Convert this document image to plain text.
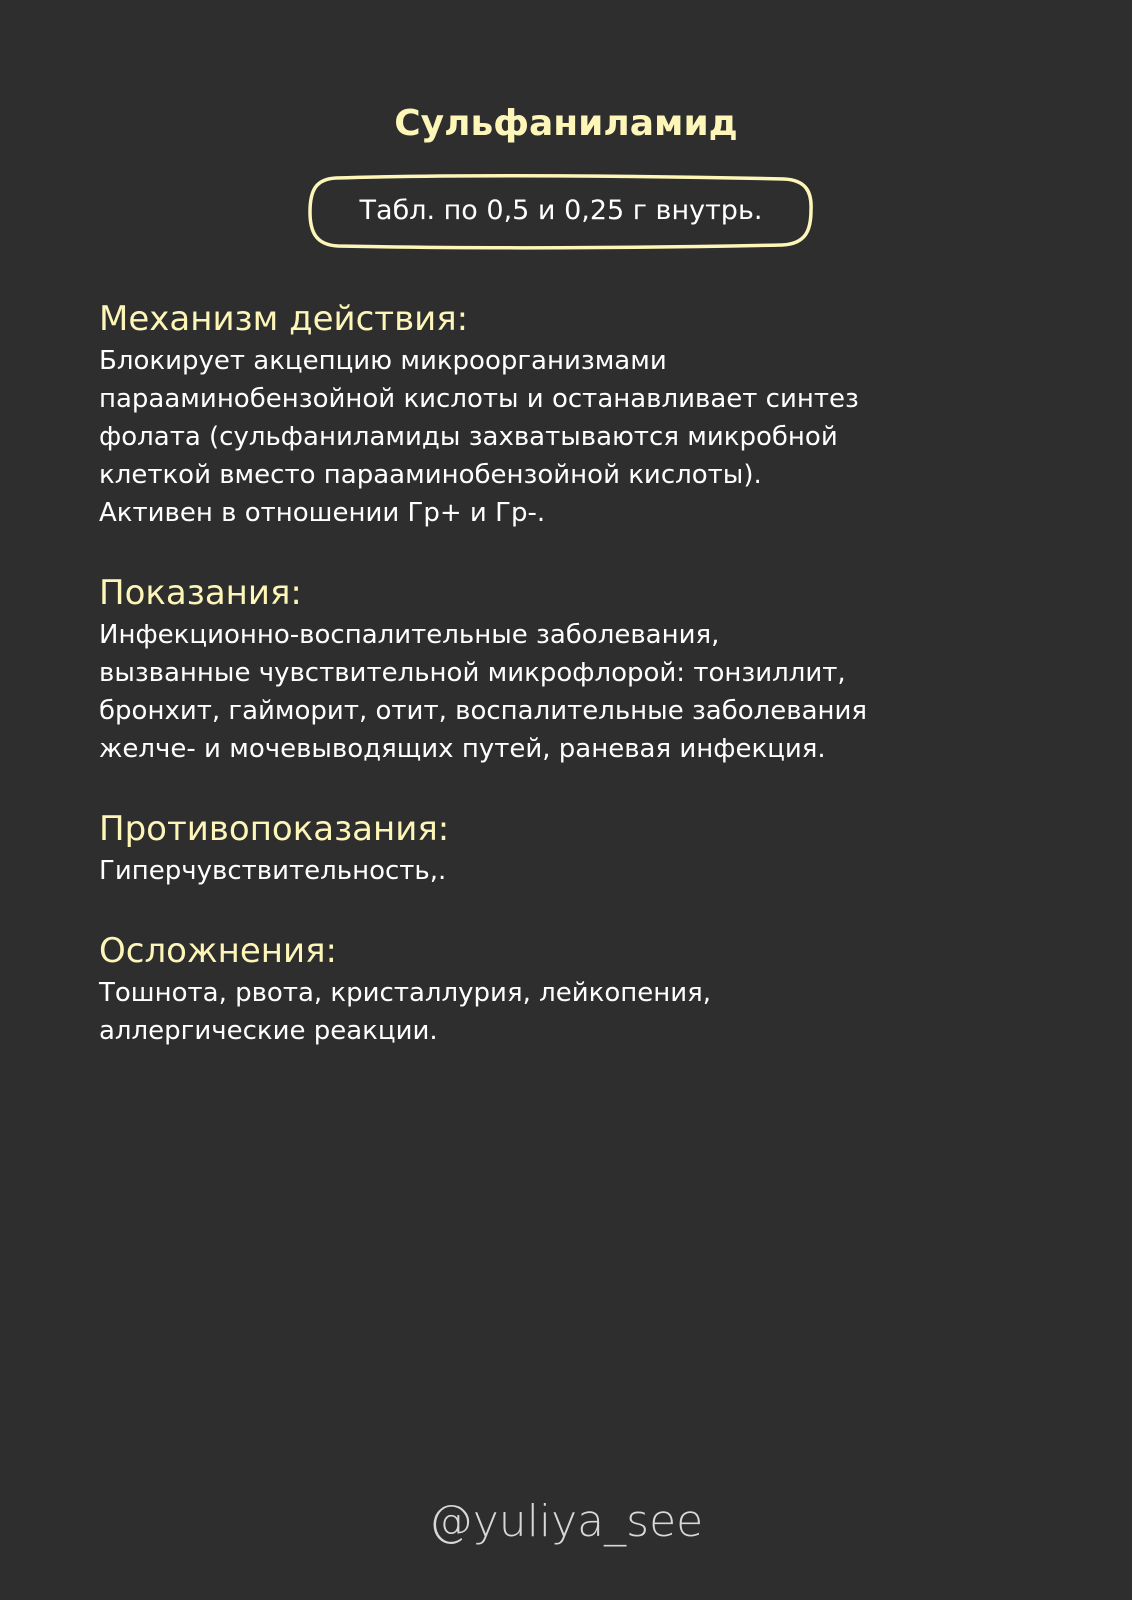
Сульфаниламид
Табл. по 0,5 и 0,25 г внутрь.
Механизм действия:

Блокирует акцепцию микроорганизмами
парааминобензойной кислоты и останавливает синтез
фолата (сульфаниламиды захватываются микробной
клеткой вместо парааминобензойной кислоты).
Активен в отношении Гр+ и Гр-.

Показания:

Инфекционно-воспалительные заболевания,
вызванные чувствительной микрофлорой: тонзиллит,
бронхит, гайморит, отит, воспалительные заболевания
желче- и мочевыводящих путей, раневая инфекция.

Противопоказания:

Гиперчувствительность,.

Осложнения:

Тошнота, рвота, кристаллурия, лейкопения,
аллергические реакции.

@yuliya_see
